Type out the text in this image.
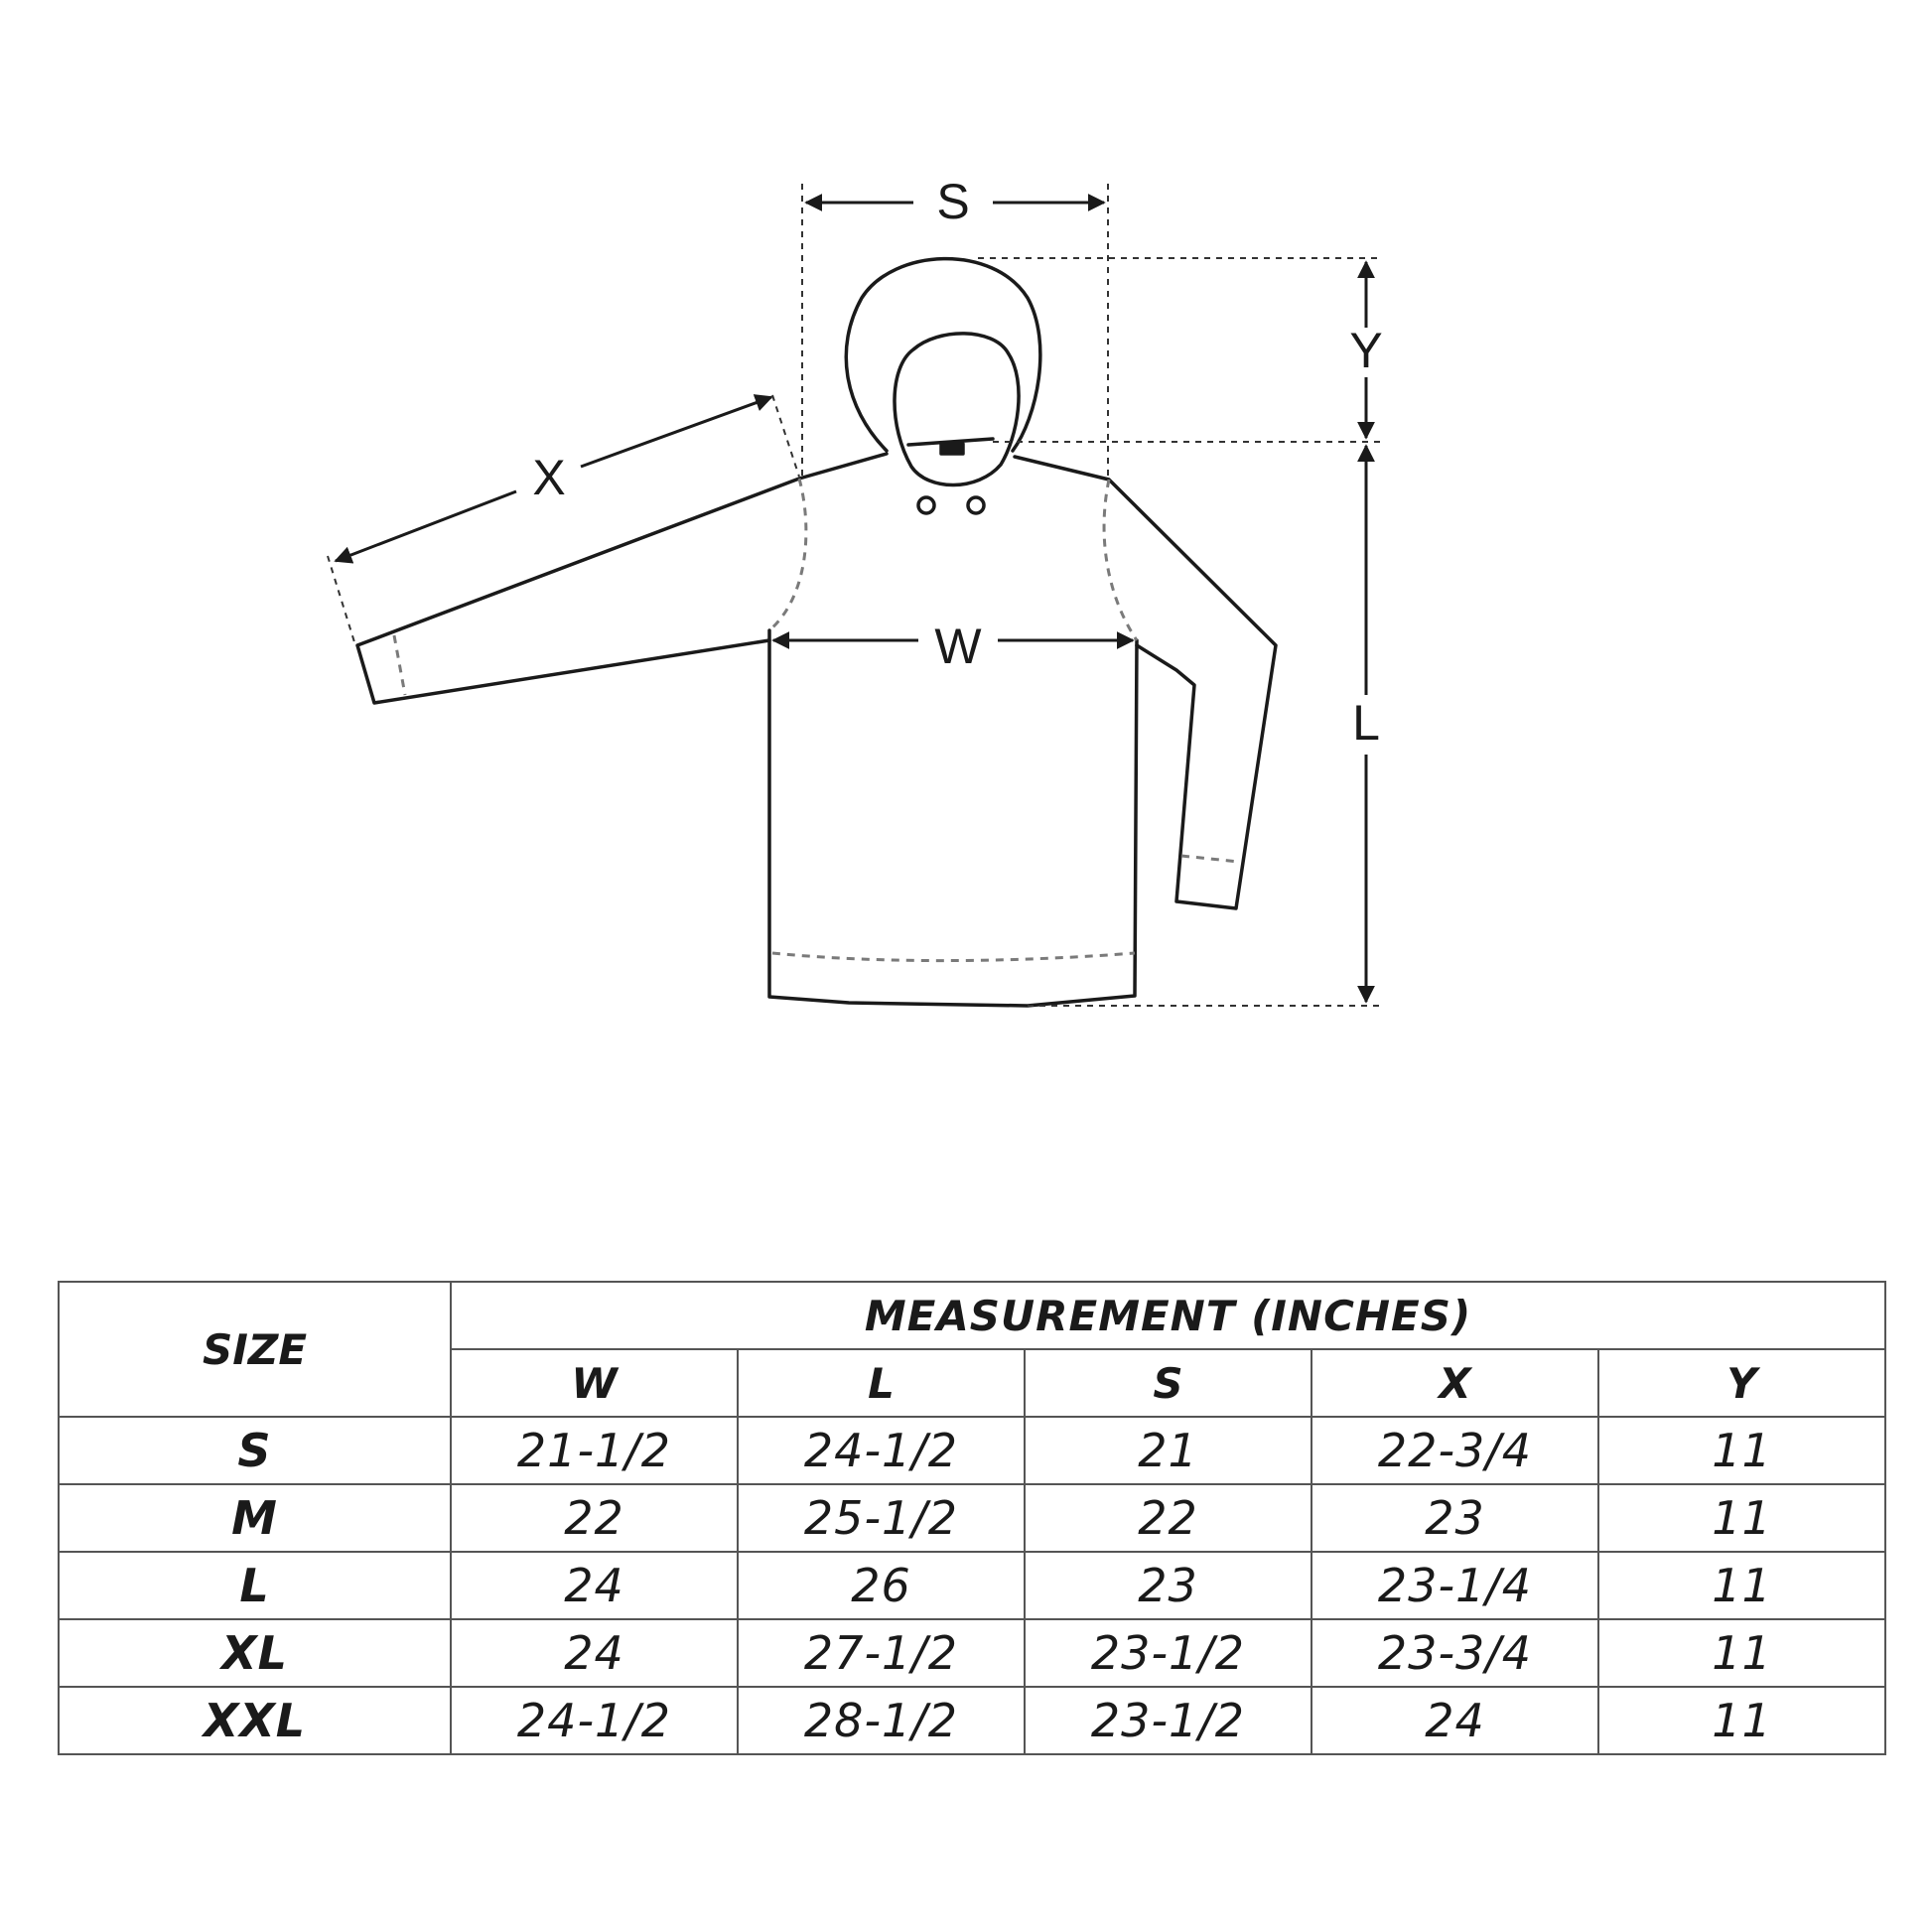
S
Y
L
W
X
SIZE	MEASUREMENT (INCHES)				
	W	L	S	X	Y
S	21-1/2	24-1/2	21	22-3/4	11
M	22	25-1/2	22	23	11
L	24	26	23	23-1/4	11
XL	24	27-1/2	23-1/2	23-3/4	11
XXL	24-1/2	28-1/2	23-1/2	24	11
